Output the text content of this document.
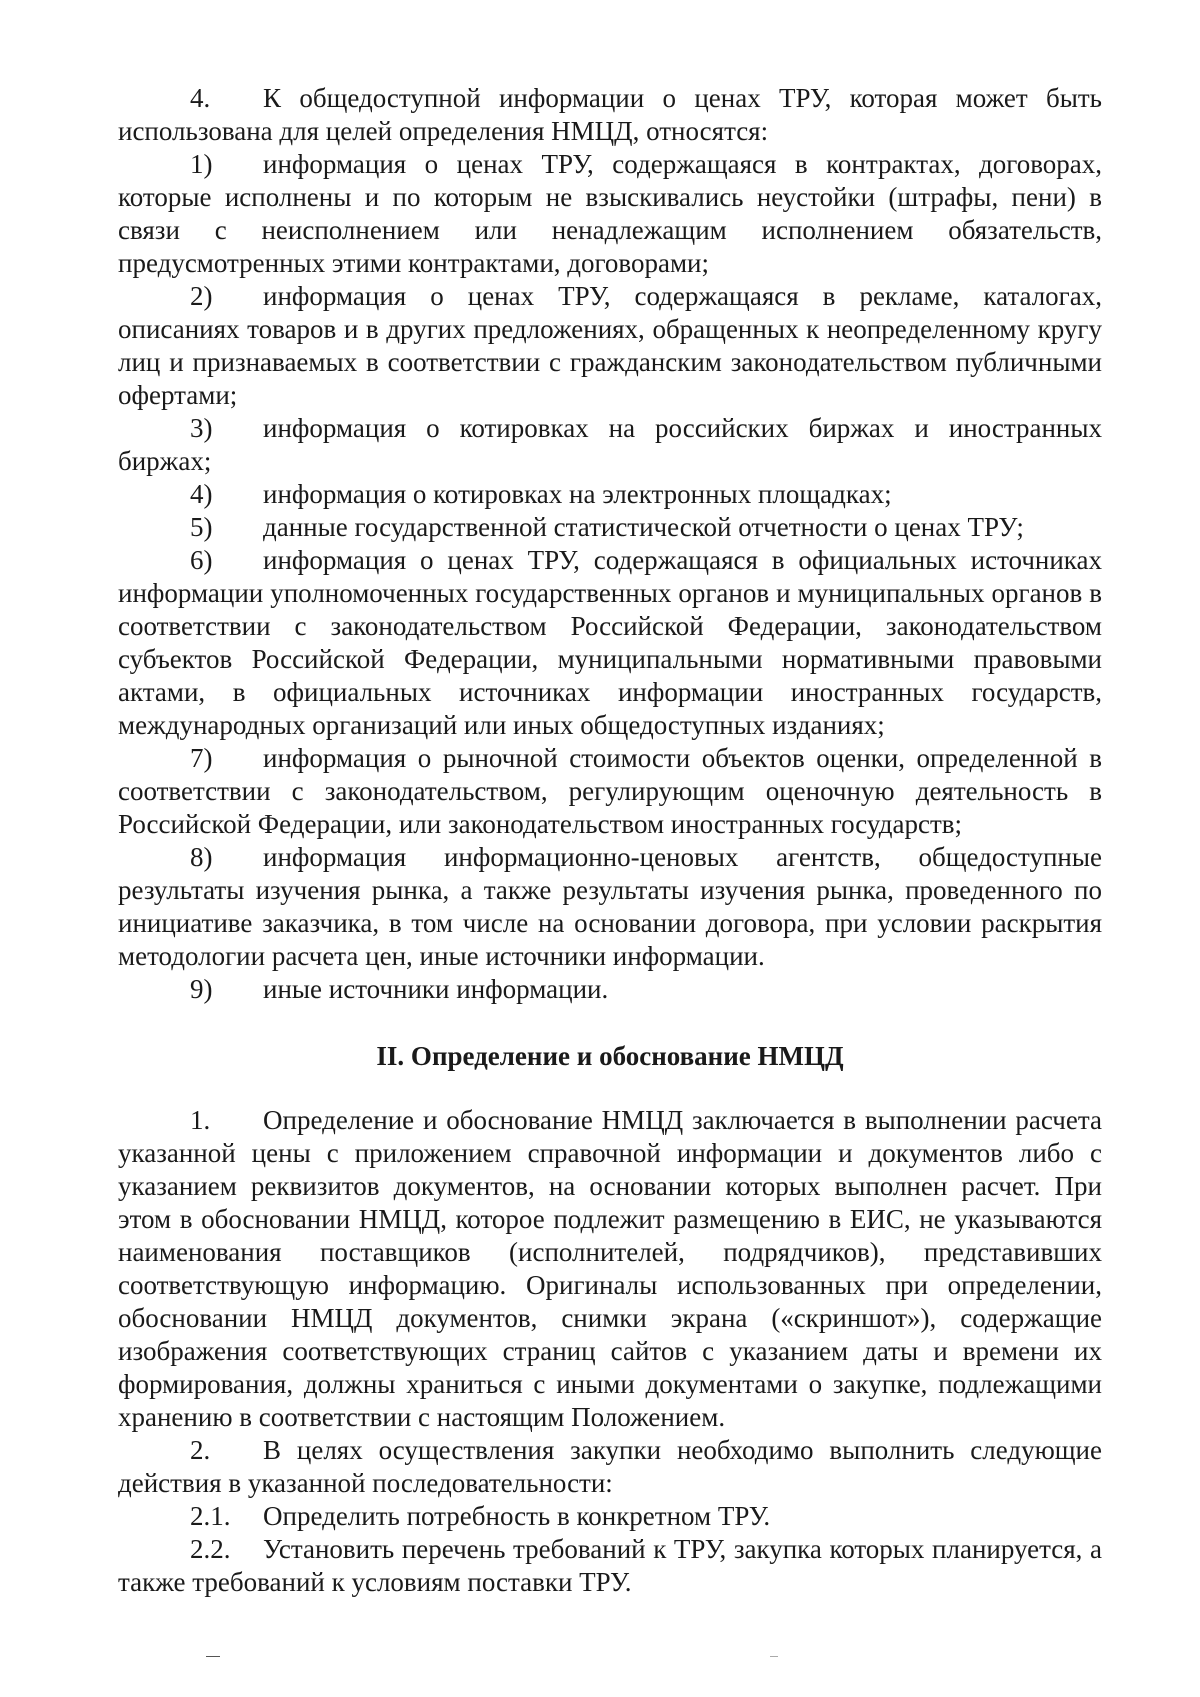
4. К общедоступной информации о ценах ТРУ, которая может быть использована для целей определения НМЦД, относятся:

1) информация о ценах ТРУ, содержащаяся в контрактах, договорах, которые исполнены и по которым не взыскивались неустойки (штрафы, пени) в связи с неисполнением или ненадлежащим исполнением обязательств, предусмотренных этими контрактами, договорами;

2) информация о ценах ТРУ, содержащаяся в рекламе, каталогах, описаниях товаров и в других предложениях, обращенных к неопределенному кругу лиц и признаваемых в соответствии с гражданским законодательством публичными офертами;

3) информация о котировках на российских биржах и иностранных биржах;

4) информация о котировках на электронных площадках;

5) данные государственной статистической отчетности о ценах ТРУ;

6) информация о ценах ТРУ, содержащаяся в официальных источниках информации уполномоченных государственных органов и муниципальных органов в соответствии с законодательством Российской Федерации, законодательством субъектов Российской Федерации, муниципальными нормативными правовыми актами, в официальных источниках информации иностранных государств, международных организаций или иных общедоступных изданиях;

7) информация о рыночной стоимости объектов оценки, определенной в соответствии с законодательством, регулирующим оценочную деятельность в Российской Федерации, или законодательством иностранных государств;

8) информация информационно-ценовых агентств, общедоступные результаты изучения рынка, а также результаты изучения рынка, проведенного по инициативе заказчика, в том числе на основании договора, при условии раскрытия методологии расчета цен, иные источники информации.

9) иные источники информации.

II. Определение и обоснование НМЦД

1. Определение и обоснование НМЦД заключается в выполнении расчета указанной цены с приложением справочной информации и документов либо с указанием реквизитов документов, на основании которых выполнен расчет. При этом в обосновании НМЦД, которое подлежит размещению в ЕИС, не указываются наименования поставщиков (исполнителей, подрядчиков), представивших соответствующую информацию. Оригиналы использованных при определении, обосновании НМЦД документов, снимки экрана («скриншот»), содержащие изображения соответствующих страниц сайтов с указанием даты и времени их формирования, должны храниться с иными документами о закупке, подлежащими хранению в соответствии с настоящим Положением.

2. В целях осуществления закупки необходимо выполнить следующие действия в указанной последовательности:

2.1. Определить потребность в конкретном ТРУ.

2.2. Установить перечень требований к ТРУ, закупка которых планируется, а также требований к условиям поставки ТРУ.
